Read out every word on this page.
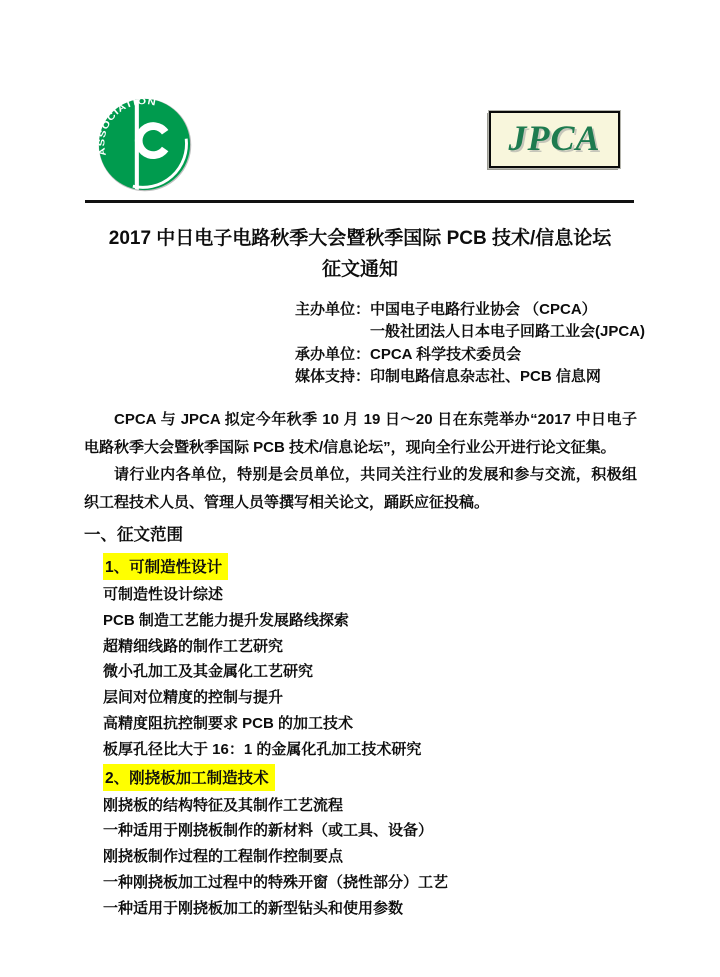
ASSOCIATION
JPCA
2017 中日电子电路秋季大会暨秋季国际 PCB 技术/信息论坛
征文通知
主办单位：中国电子电路行业协会 （CPCA）
一般社团法人日本电子回路工业会(JPCA)
承办单位：CPCA 科学技术委员会
媒体支持：印制电路信息杂志社、PCB 信息网

CPCA 与 JPCA 拟定今年秋季 10 月 19 日～20 日在东莞举办“2017 中日电子电路秋季大会暨秋季国际 PCB 技术/信息论坛”，现向全行业公开进行论文征集。

请行业内各单位，特别是会员单位，共同关注行业的发展和参与交流，积极组织工程技术人员、管理人员等撰写相关论文，踊跃应征投稿。

一、征文范围
1、可制造性设计
可制造性设计综述
PCB 制造工艺能力提升发展路线探索
超精细线路的制作工艺研究
微小孔加工及其金属化工艺研究
层间对位精度的控制与提升
高精度阻抗控制要求 PCB 的加工技术
板厚孔径比大于 16：1 的金属化孔加工技术研究
2、刚挠板加工制造技术
刚挠板的结构特征及其制作工艺流程
一种适用于刚挠板制作的新材料（或工具、设备）
刚挠板制作过程的工程制作控制要点
一种刚挠板加工过程中的特殊开窗（挠性部分）工艺
一种适用于刚挠板加工的新型钻头和使用参数
